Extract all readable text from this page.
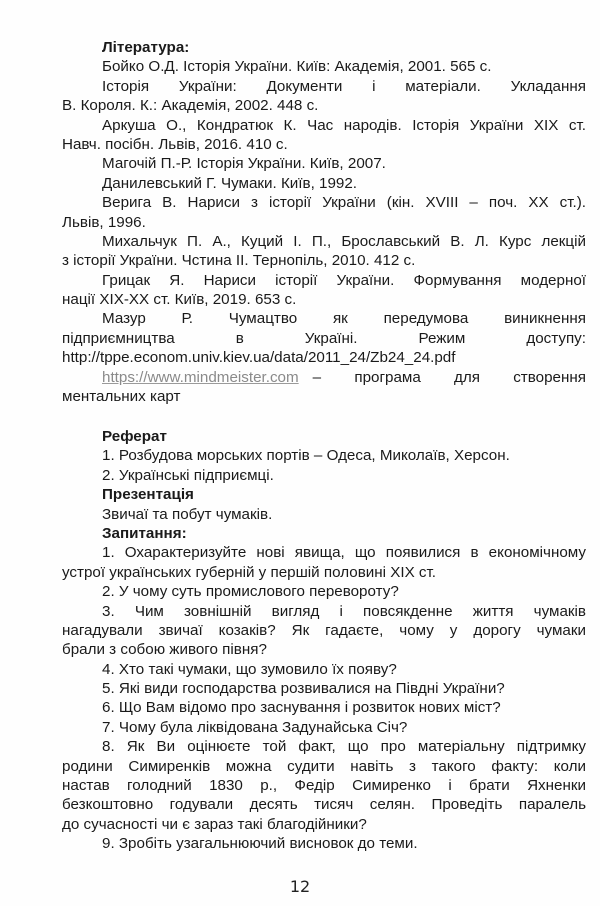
Література:
Бойко О.Д. Історія України. Київ: Академія, 2001. 565 с.
Історія України: Документи і матеріали. Укладання
В. Короля. К.: Академія, 2002. 448 с.
Аркуша О., Кондратюк К. Час народів. Історія України XIX ст.
Навч. посібн. Львів, 2016. 410 с.
Магочій П.-Р. Історія України. Київ, 2007.
Данилевський Г. Чумаки. Київ, 1992.
Верига В. Нариси з історії України (кін. XVIII – поч. XX ст.).
Львів, 1996.
Михальчук П. А., Куций І. П., Брославський В. Л. Курс лекцій
з історії України. Чстина II. Тернопіль, 2010. 412 с.
Грицак Я. Нариси історії України. Формування модерної
нації XIX-XX ст. Київ, 2019. 653 с.
Мазур Р. Чумацтво як передумова виникнення
підприємництва в Україні. Режим доступу:
http://tppe.econom.univ.kiev.ua/data/2011_24/Zb24_24.pdf
https://www.mindmeister.com – програма для створення
ментальних карт
Реферат
1. Розбудова морських портів – Одеса, Миколаїв, Херсон.
2. Українські підприємці.
Презентація
Звичаї та побут чумаків.
Запитання:
1. Охарактеризуйте нові явища, що появилися в економічному
устрої українських губерній у першій половині XIX ст.
2. У чому суть промислового перевороту?
3. Чим зовнішній вигляд і повсякденне життя чумаків
нагадували звичаї козаків? Як гадаєте, чому у дорогу чумаки
брали з собою живого півня?
4. Хто такі чумаки, що зумовило їх появу?
5. Які види господарства розвивалися на Півдні України?
6. Що Вам відомо про заснування і розвиток нових міст?
7. Чому була ліквідована Задунайська Січ?
8. Як Ви оцінюєте той факт, що про матеріальну підтримку
родини Симиренків можна судити навіть з такого факту: коли
настав голодний 1830 р., Федір Симиренко і брати Яхненки
безкоштовно годували десять тисяч селян. Проведіть паралель
до сучасності чи є зараз такі благодійники?
9. Зробіть узагальнюючий висновок до теми.
12
